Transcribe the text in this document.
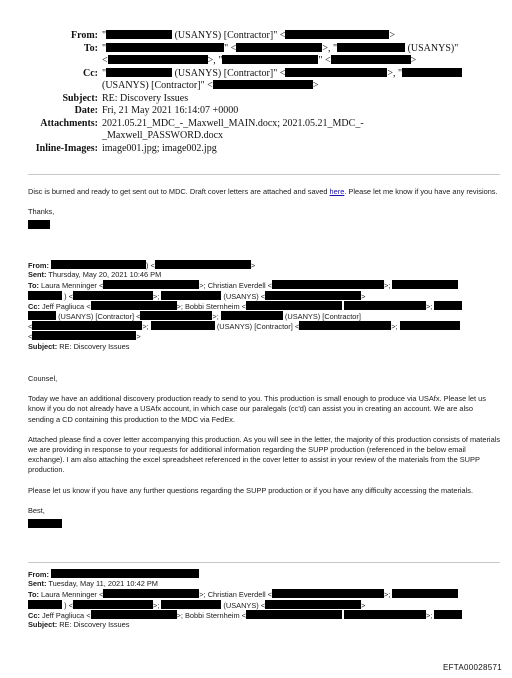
From: "	(USANYS) [Contractor]" <	>
To: "	" <	>, "	(USANYS)"
<	>, "	" <	>
Cc: "	(USANYS) [Contractor]" <	>, "
(USANYS) [Contractor]" <	>
Subject: RE: Discovery Issues
Date: Fri, 21 May 2021 16:14:07 +0000
Attachments: 2021.05.21_MDC_-_Maxwell_MAIN.docx; 2021.05.21_MDC_-
_Maxwell_PASSWORD.docx
Inline-Images: image001.jpg; image002.jpg

Disc is burned and ready to get sent out to MDC. Draft cover letters are attached and saved here. Please let me know if you have any revisions.

Thanks,

From:	) <	>
Sent: Thursday, May 20, 2021 10:46 PM
To: Laura Menninger <	>; Christian Everdell <	>;
) <	>;	(USANYS) <	>
Cc: Jeff Pagliuca <	>; Bobbi Sternheim <	>;
(USANYS) [Contractor] <	>;	(USANYS) [Contractor]
<	>;	(USANYS) [Contractor] <	>;
<	>
Subject: RE: Discovery Issues

Counsel,

Today we have an additional discovery production ready to send to you. This production is small enough to produce via USAfx. Please let us know if you do not already have a USAfx account, in which case our paralegals (cc'd) can assist you in creating an account. We are also sending a CD containing this production to the MDC via FedEx.

Attached please find a cover letter accompanying this production. As you will see in the letter, the majority of this production consists of materials we are providing in response to your requests for additional information regarding the SUPP production (referenced in the below email exchange). I am also attaching the excel spreadsheet referenced in the cover letter to assist in your review of the materials from the SUPP production.

Please let us know if you have any further questions regarding the SUPP production or if you have any difficulty accessing the materials.

Best,

From:
Sent: Tuesday, May 11, 2021 10:42 PM
To: Laura Menninger <	>; Christian Everdell <	>;
) <	>;	(USANYS) <	>
Cc: Jeff Pagliuca <	>; Bobbi Sternheim <	>;
Subject: RE: Discovery Issues
EFTA00028571
